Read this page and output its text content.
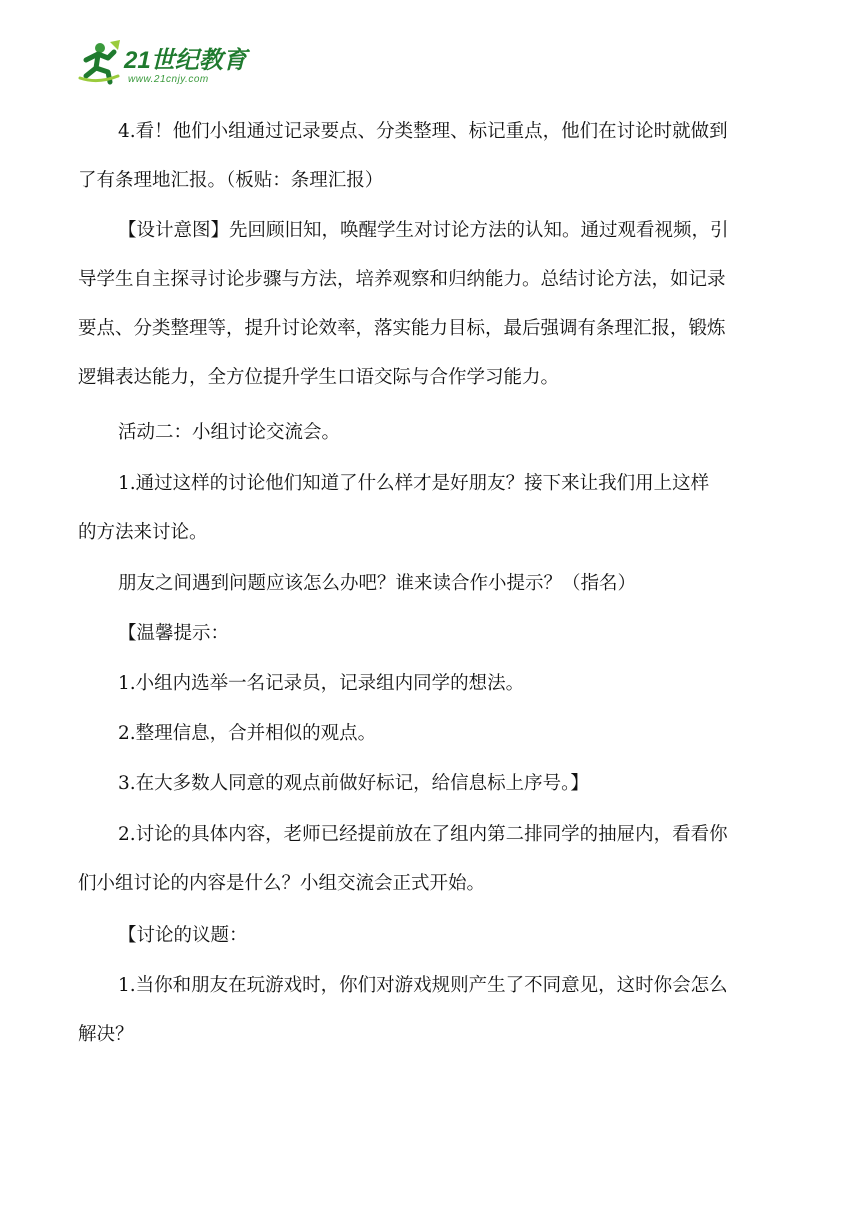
21世纪教育
www.21cnjy.com
4.看！他们小组通过记录要点、分类整理、标记重点，他们在讨论时就做到
了有条理地汇报。（板贴：条理汇报）
【设计意图】先回顾旧知，唤醒学生对讨论方法的认知。通过观看视频，引
导学生自主探寻讨论步骤与方法，培养观察和归纳能力。总结讨论方法，如记录
要点、分类整理等，提升讨论效率，落实能力目标，最后强调有条理汇报，锻炼
逻辑表达能力，全方位提升学生口语交际与合作学习能力。
活动二：小组讨论交流会。
1.通过这样的讨论他们知道了什么样才是好朋友？接下来让我们用上这样
的方法来讨论。
朋友之间遇到问题应该怎么办吧？谁来读合作小提示？（指名）
【温馨提示：
1.小组内选举一名记录员，记录组内同学的想法。
2.整理信息，合并相似的观点。
3.在大多数人同意的观点前做好标记，给信息标上序号。】
2.讨论的具体内容，老师已经提前放在了组内第二排同学的抽屉内，看看你
们小组讨论的内容是什么？小组交流会正式开始。
【讨论的议题：
1.当你和朋友在玩游戏时，你们对游戏规则产生了不同意见，这时你会怎么
解决？
